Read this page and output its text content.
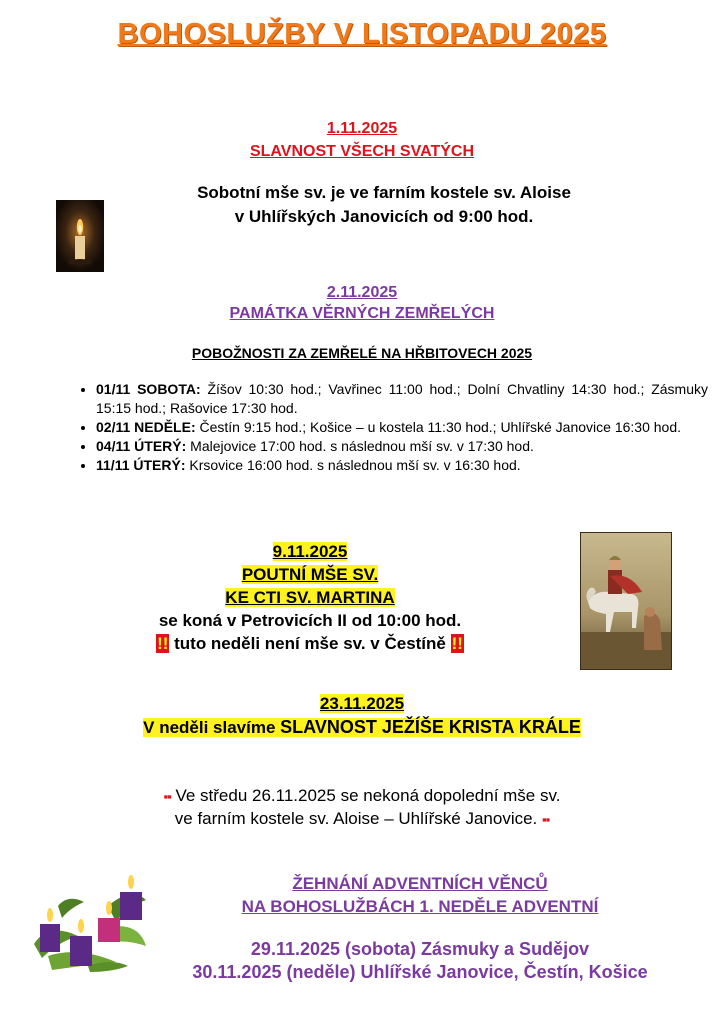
BOHOSLUŽBY V LISTOPADU 2025
1.11.2025
SLAVNOST VŠECH SVATÝCH
Sobotní mše sv. je ve farním kostele sv. Aloise
v Uhlířských Janovicích od 9:00 hod.
2.11.2025
PAMÁTKA VĚRNÝCH ZEMŘELÝCH
POBOŽNOSTI ZA ZEMŘELÉ NA HŘBITOVECH 2025
• 01/11 SOBOTA: Žíšov 10:30 hod.; Vavřinec 11:00 hod.; Dolní Chvatliny 14:30 hod.; Zásmuky 15:15 hod.; Rašovice 17:30 hod.
• 02/11 NEDĚLE: Čestín 9:15 hod.; Košice – u kostela 11:30 hod.; Uhlířské Janovice 16:30 hod.
• 04/11 ÚTERÝ: Malejovice 17:00 hod. s následnou mší sv. v 17:30 hod.
• 11/11 ÚTERÝ: Krsovice 16:00 hod. s následnou mší sv. v 16:30 hod.
9.11.2025
POUTNÍ MŠE SV.
KE CTI SV. MARTINA
se koná v Petrovicích II od 10:00 hod.
!! tuto neděli není mše sv. v Čestíně !!
23.11.2025
V neděli slavíme SLAVNOST JEŽÍŠE KRISTA KRÁLE
▪▪ Ve středu 26.11.2025 se nekoná dopolední mše sv.
ve farním kostele sv. Aloise – Uhlířské Janovice. ▪▪
ŽEHNÁNÍ ADVENTNÍCH VĚNCŮ
NA BOHOSLUŽBÁCH 1. NEDĚLE ADVENTNÍ
29.11.2025 (sobota) Zásmuky a Sudějov
30.11.2025 (neděle) Uhlířské Janovice, Čestín, Košice
